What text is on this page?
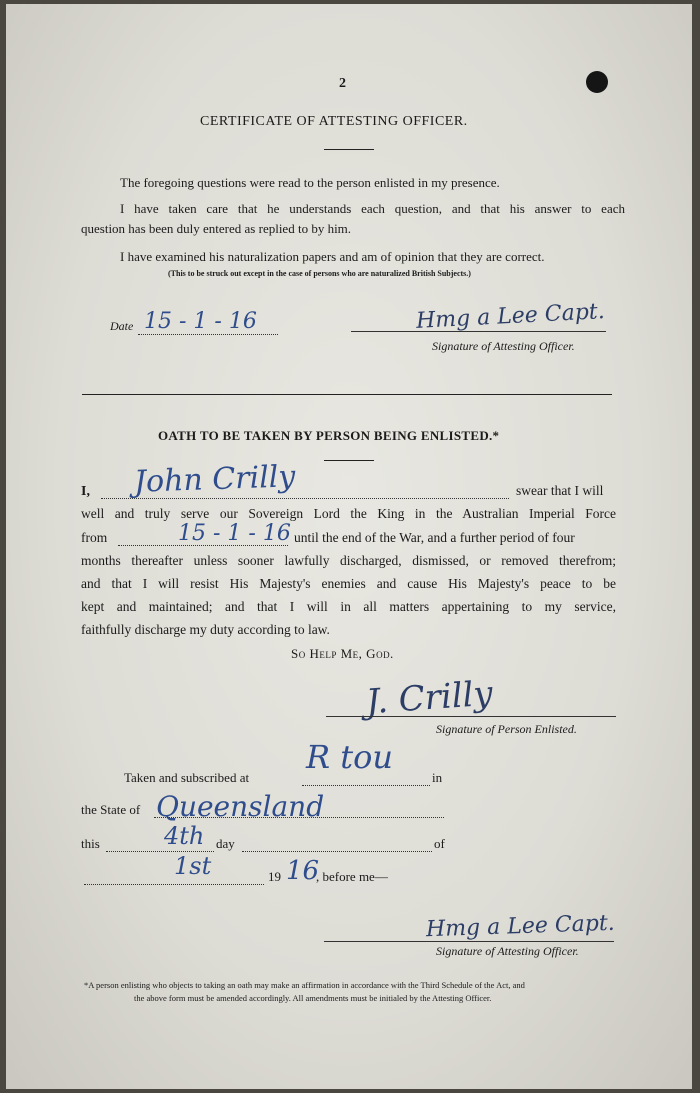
2
CERTIFICATE OF ATTESTING OFFICER.
The foregoing questions were read to the person enlisted in my presence.
I have taken care that he understands each question, and that his answer to each
question has been duly entered as replied to by him.
I have examined his naturalization papers and am of opinion that they are correct.
(This to be struck out except in the case of persons who are naturalized British Subjects.)
Date 15 - 1 - 16	Hmg a Lee Capt.
Signature of Attesting Officer.
OATH TO BE TAKEN BY PERSON BEING ENLISTED.*
I, John Crilly	swear that I will
well and truly serve our Sovereign Lord the King in the Australian Imperial Force
from	15 - 1 - 16 until the end of the War, and a further period of four
months thereafter unless sooner lawfully discharged, dismissed, or removed therefrom;
and that I will resist His Majesty's enemies and cause His Majesty's peace to be
kept and maintained; and that I will in all matters appertaining to my service,
faithfully discharge my duty according to law.
So Help Me, God.
J. Crilly
Signature of Person Enlisted.
Taken and subscribed at
R tou
in
the State of Queensland
this	4th day	of
1st	19 16
, before me—
Hmg a Lee Capt.
Signature of Attesting Officer.
*A person enlisting who objects to taking an oath may make an affirmation in accordance with the Third Schedule of the Act, and
the above form must be amended accordingly. All amendments must be initialed by the Attesting Officer.
